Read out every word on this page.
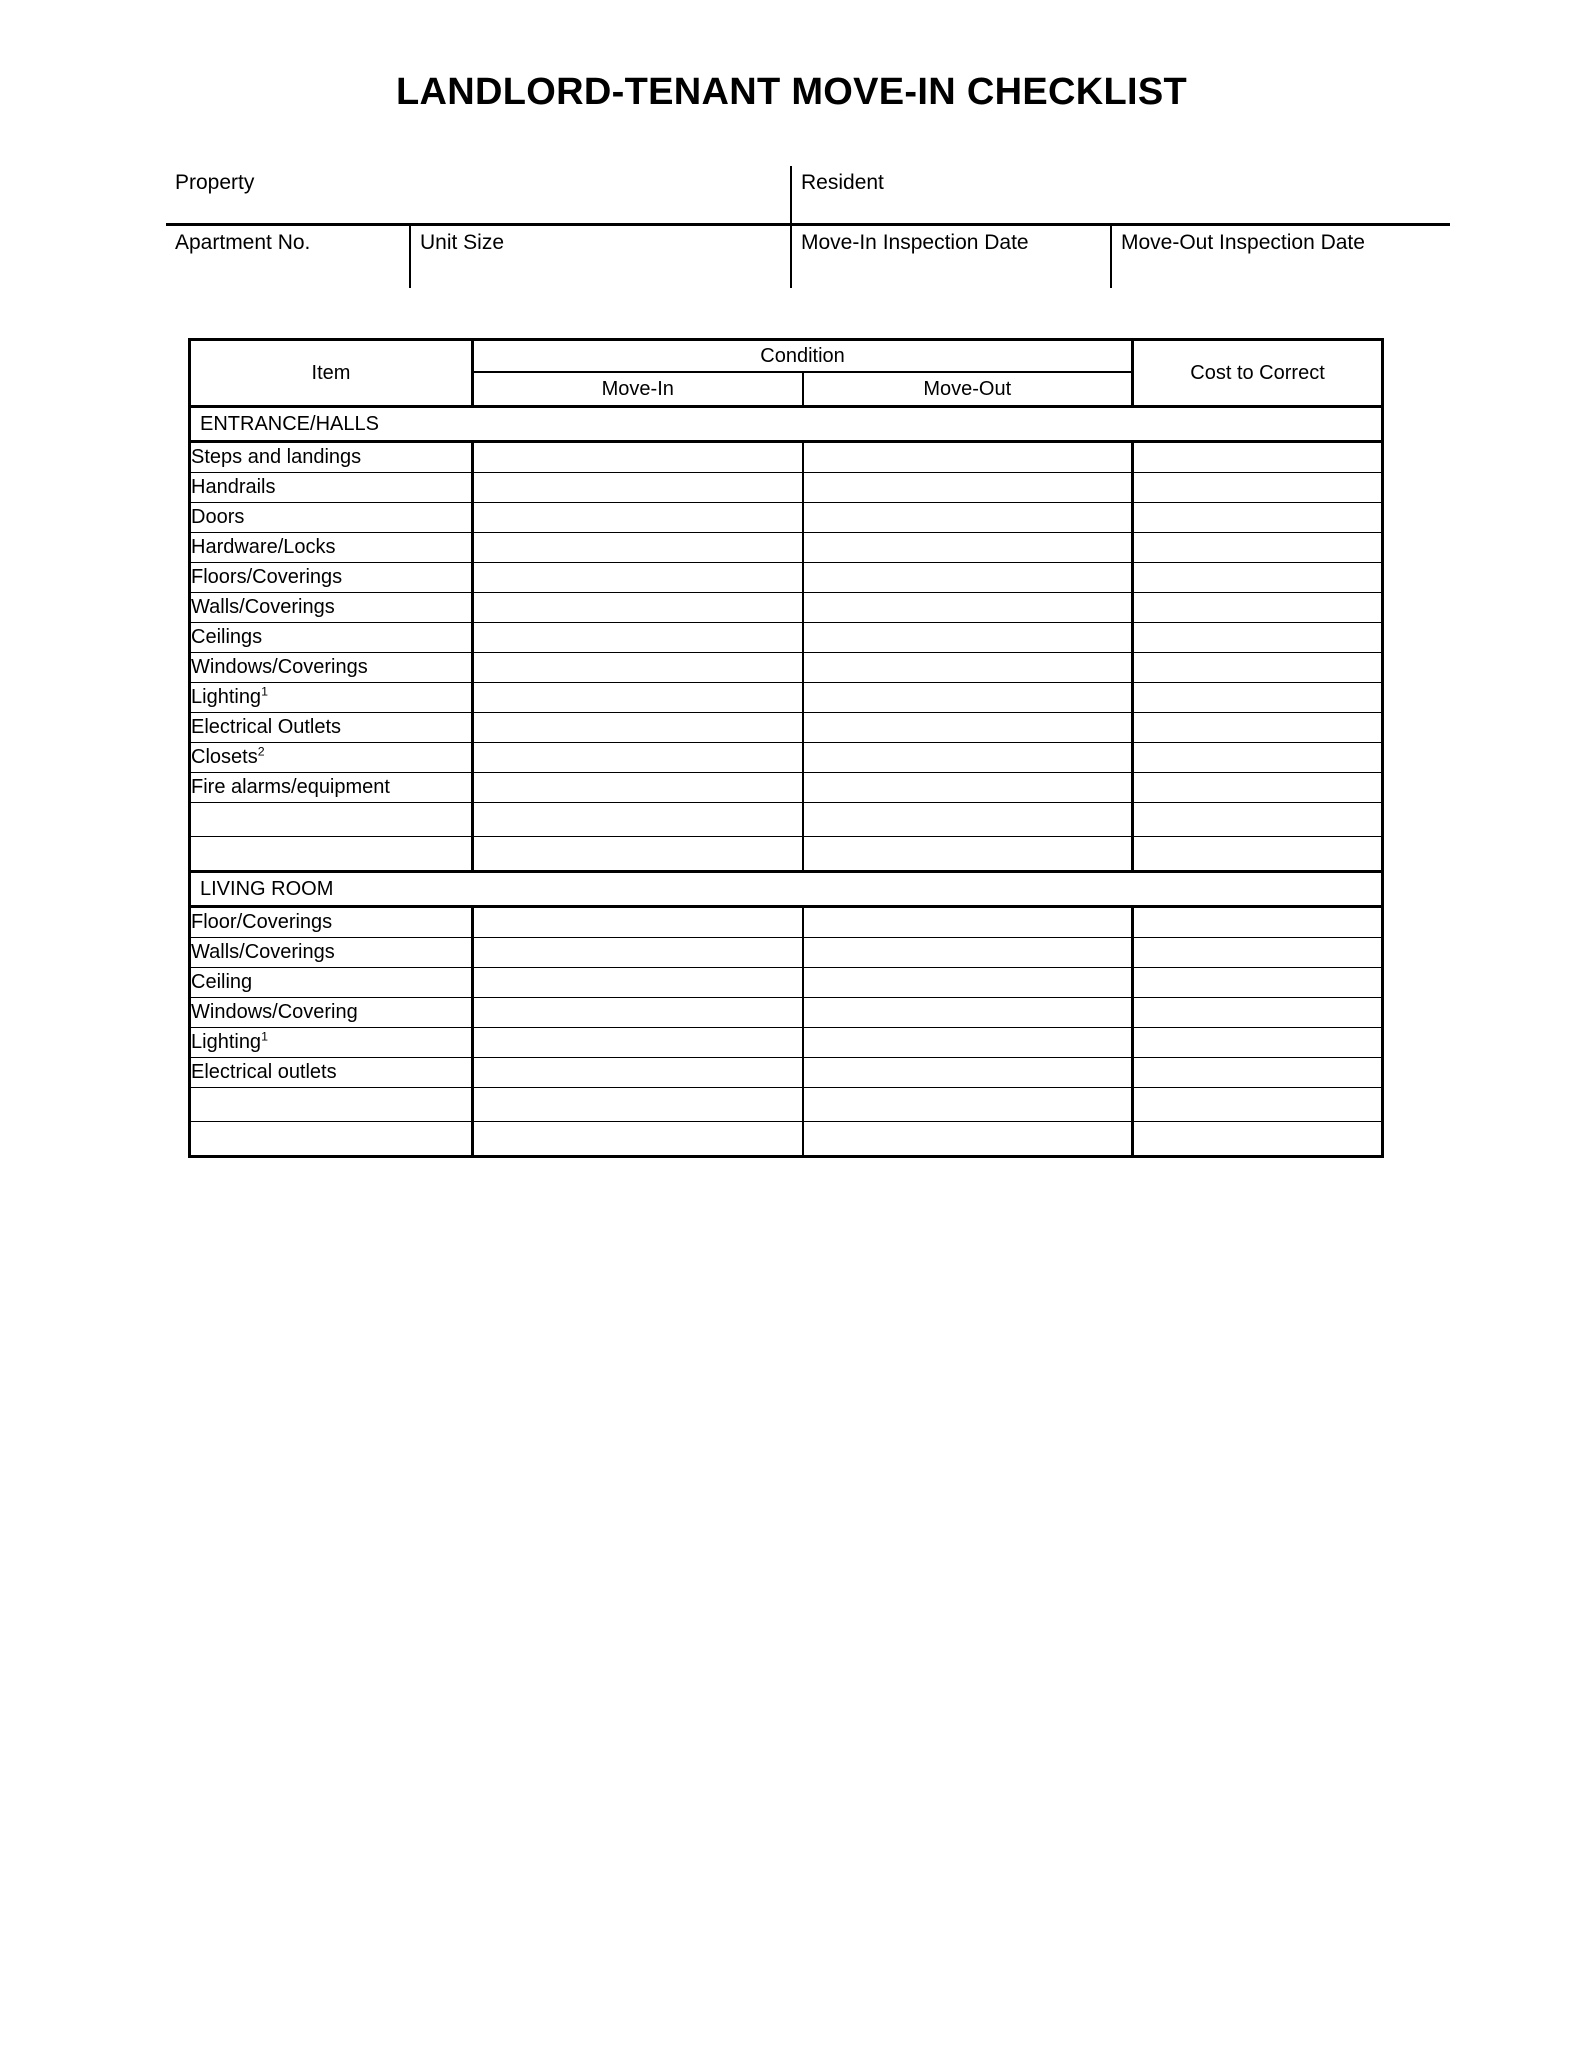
LANDLORD-TENANT MOVE-IN CHECKLIST
Property	Resident
Apartment No.	Unit Size	Move-In Inspection Date	Move-Out Inspection Date
Item	Condition		Cost to Correct
	Move-In	Move-Out	
ENTRANCE/HALLS			
Steps and landings			
Handrails			
Doors			
Hardware/Locks			
Floors/Coverings			
Walls/Coverings			
Ceilings			
Windows/Coverings			
Lighting$^1$			
Electrical Outlets			
Closets$^2$			
Fire alarms/equipment			

LIVING ROOM			
Floor/Coverings			
Walls/Coverings			
Ceiling			
Windows/Covering			
Lighting$^1$			
Electrical outlets			
